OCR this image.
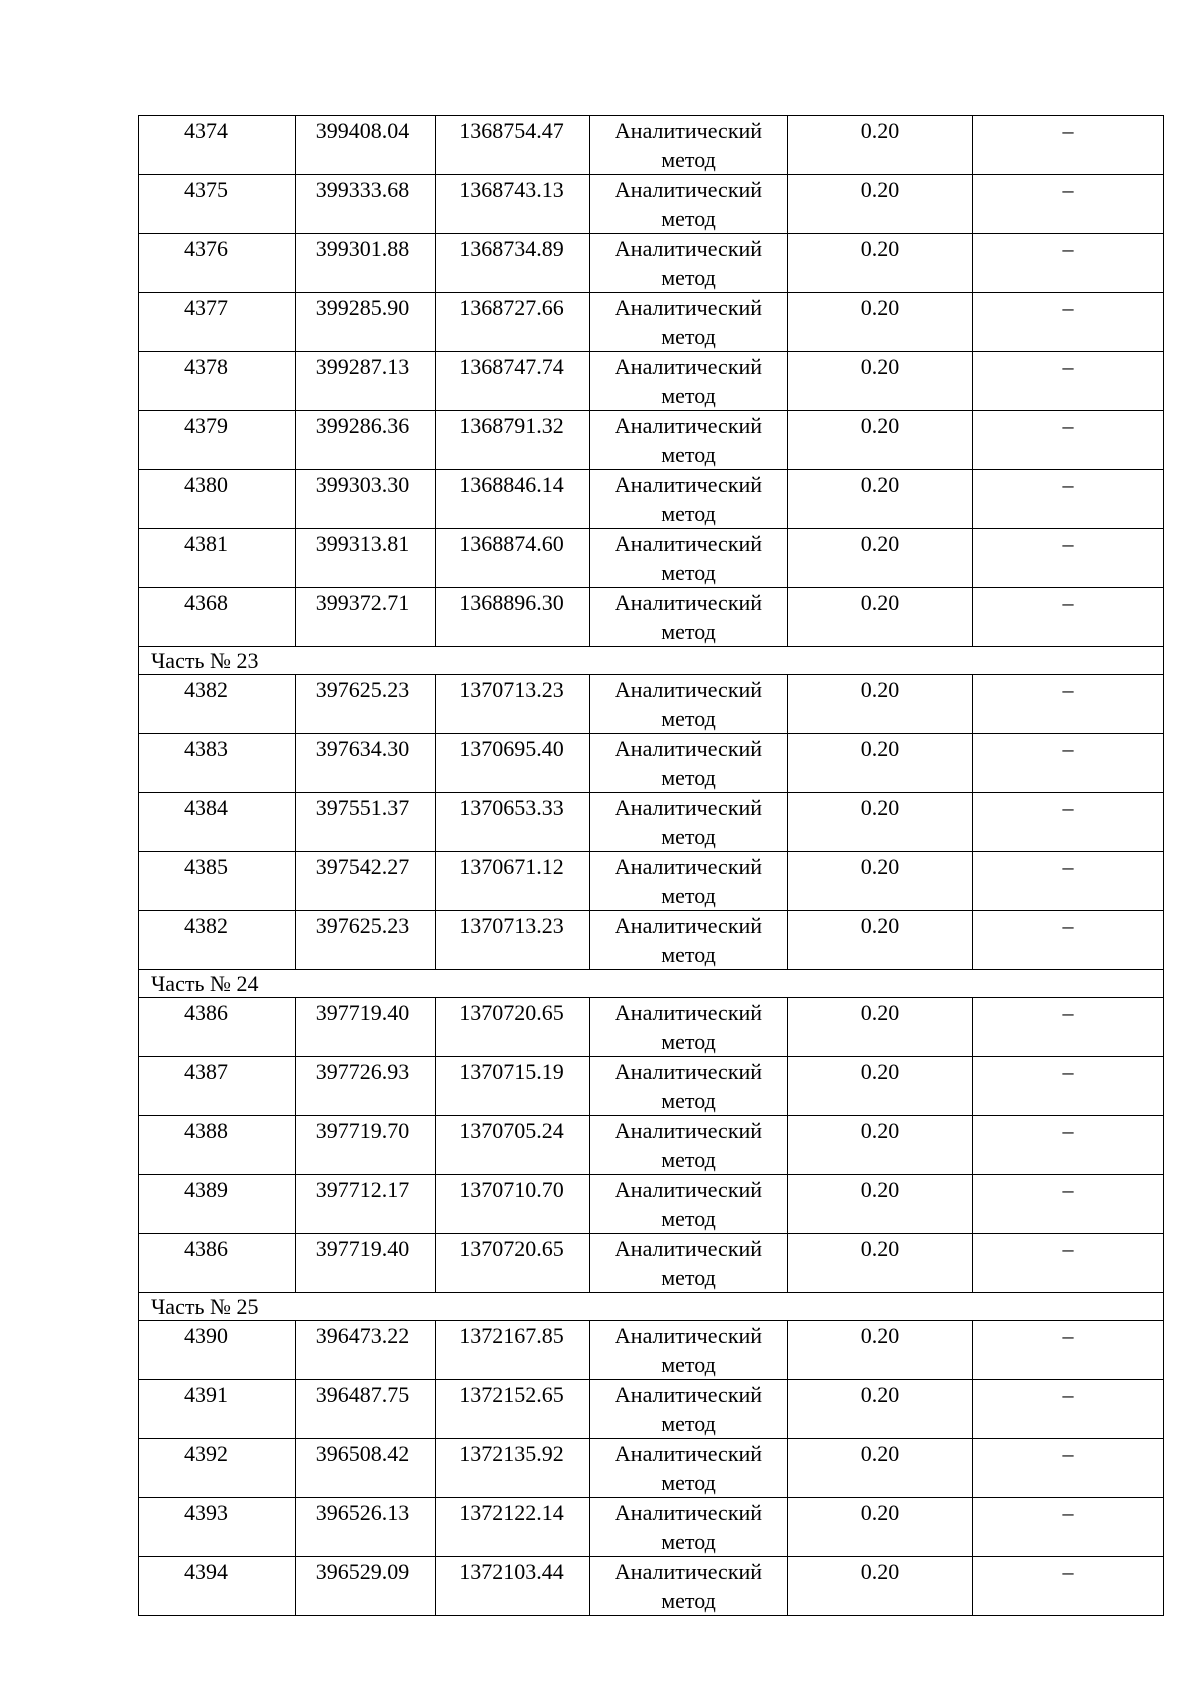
4374	399408.04	1368754.47	Аналитический метод	0.20	–
4375	399333.68	1368743.13	Аналитический метод	0.20	–
4376	399301.88	1368734.89	Аналитический метод	0.20	–
4377	399285.90	1368727.66	Аналитический метод	0.20	–
4378	399287.13	1368747.74	Аналитический метод	0.20	–
4379	399286.36	1368791.32	Аналитический метод	0.20	–
4380	399303.30	1368846.14	Аналитический метод	0.20	–
4381	399313.81	1368874.60	Аналитический метод	0.20	–
4368	399372.71	1368896.30	Аналитический метод	0.20	–
Часть № 23					
4382	397625.23	1370713.23	Аналитический метод	0.20	–
4383	397634.30	1370695.40	Аналитический метод	0.20	–
4384	397551.37	1370653.33	Аналитический метод	0.20	–
4385	397542.27	1370671.12	Аналитический метод	0.20	–
4382	397625.23	1370713.23	Аналитический метод	0.20	–
Часть № 24					
4386	397719.40	1370720.65	Аналитический метод	0.20	–
4387	397726.93	1370715.19	Аналитический метод	0.20	–
4388	397719.70	1370705.24	Аналитический метод	0.20	–
4389	397712.17	1370710.70	Аналитический метод	0.20	–
4386	397719.40	1370720.65	Аналитический метод	0.20	–
Часть № 25					
4390	396473.22	1372167.85	Аналитический метод	0.20	–
4391	396487.75	1372152.65	Аналитический метод	0.20	–
4392	396508.42	1372135.92	Аналитический метод	0.20	–
4393	396526.13	1372122.14	Аналитический метод	0.20	–
4394	396529.09	1372103.44	Аналитический метод	0.20	–
